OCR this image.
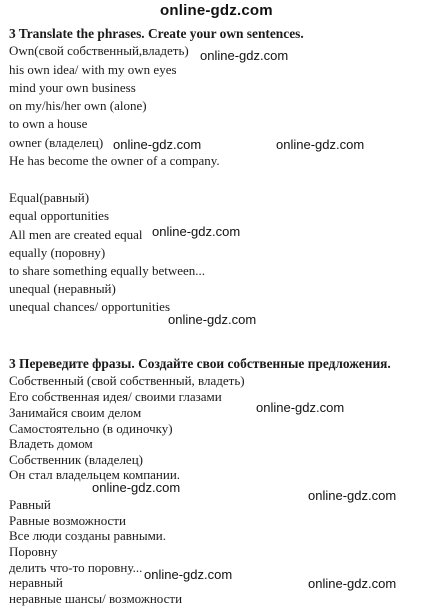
online-gdz.com
3 Translate the phrases. Create your own sentences.
Own(свой собственный,владеть)
his own idea/ with my own eyes
mind your own business
on my/his/her own (alone)
to own a house
owner (владелец)
He has become the owner of a company.
Equal(равный)
equal opportunities
All men are created equal
equally (поровну)
to share something equally between...
unequal (неравный)
unequal chances/ opportunities
3 Переведите фразы. Создайте свои собственные предложения.
Собственный (свой собственный, владеть)
Его собственная идея/ своими глазами
Занимайся своим делом
Самостоятельно (в одиночку)
Владеть домом
Собственник (владелец)
Он стал владельцем компании.
Равный
Равные возможности
Все люди созданы равными.
Поровну
делить что-то поровну...
неравный
неравные шансы/ возможности
online-gdz.com
online-gdz.com	online-gdz.com
online-gdz.com
online-gdz.com
online-gdz.com
online-gdz.com
online-gdz.com
online-gdz.com
online-gdz.com
